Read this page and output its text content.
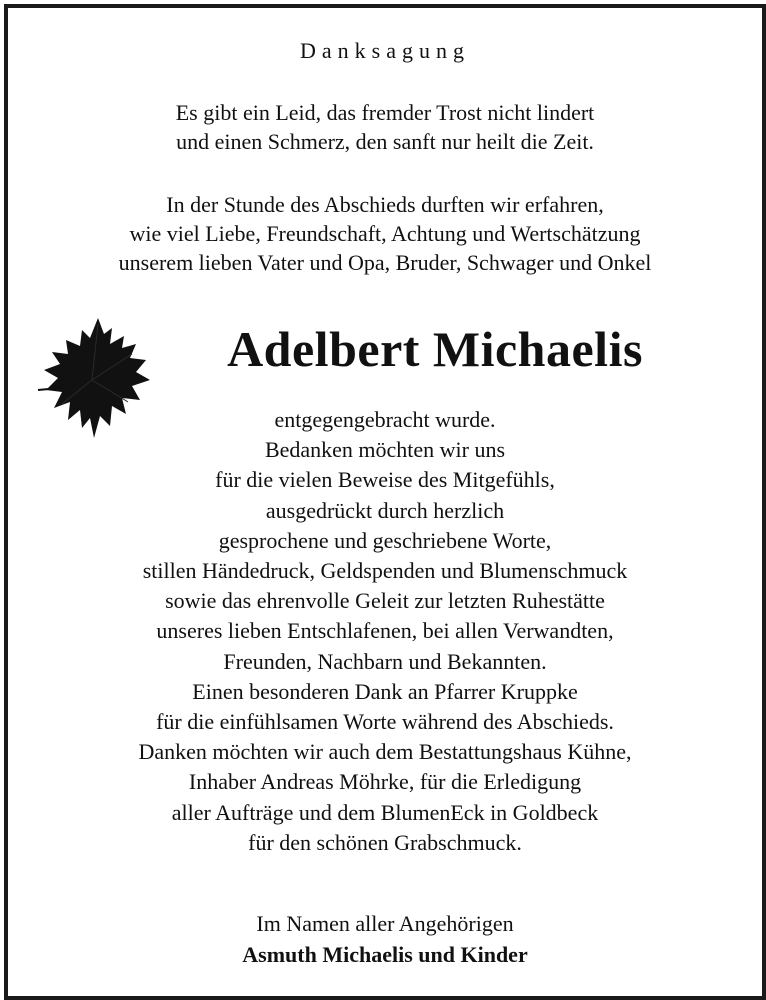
Danksagung
Es gibt ein Leid, das fremder Trost nicht lindert
und einen Schmerz, den sanft nur heilt die Zeit.
In der Stunde des Abschieds durften wir erfahren,
wie viel Liebe, Freundschaft, Achtung und Wertschätzung
unserem lieben Vater und Opa, Bruder, Schwager und Onkel
Adelbert Michaelis
entgegengebracht wurde.
Bedanken möchten wir uns
für die vielen Beweise des Mitgefühls,
ausgedrückt durch herzlich
gesprochene und geschriebene Worte,
stillen Händedruck, Geldspenden und Blumenschmuck
sowie das ehrenvolle Geleit zur letzten Ruhestätte
unseres lieben Entschlafenen, bei allen Verwandten,
Freunden, Nachbarn und Bekannten.
Einen besonderen Dank an Pfarrer Kruppke
für die einfühlsamen Worte während des Abschieds.
Danken möchten wir auch dem Bestattungshaus Kühne,
Inhaber Andreas Möhrke, für die Erledigung
aller Aufträge und dem BlumenEck in Goldbeck
für den schönen Grabschmuck.
Im Namen aller Angehörigen
Asmuth Michaelis und Kinder
